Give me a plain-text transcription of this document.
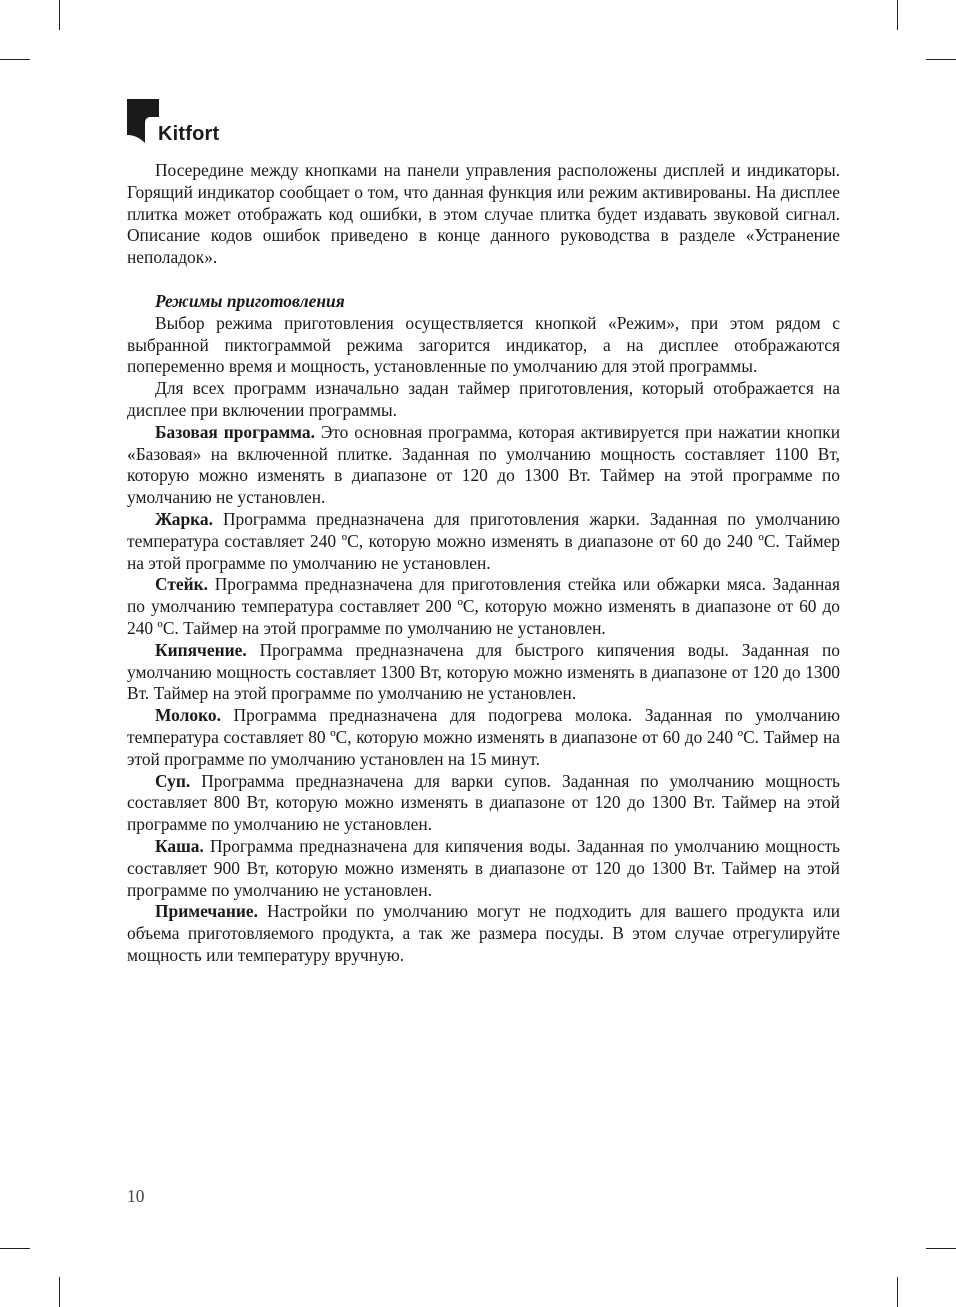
Kitfort

Посередине между кнопками на панели управления расположены дисплей и индикаторы. Горящий индикатор сообщает о том, что данная функция или режим активированы. На дисплее плитка может отображать код ошибки, в этом случае плитка будет издавать звуковой сигнал. Описание кодов ошибок приведено в конце данного руководства в разделе «Устранение неполадок».

Режимы приготовления

Выбор режима приготовления осуществляется кнопкой «Режим», при этом рядом с выбранной пиктограммой режима загорится индикатор, а на дисплее отображаются попеременно время и мощность, установленные по умолчанию для этой программы.

Для всех программ изначально задан таймер приготовления, который отображается на дисплее при включении программы.

Базовая программа. Это основная программа, которая активируется при нажатии кнопки «Базовая» на включенной плитке. Заданная по умолчанию мощность составляет 1100 Вт, которую можно изменять в диапазоне от 120 до 1300 Вт. Таймер на этой программе по умолчанию не установлен.

Жарка. Программа предназначена для приготовления жарки. Заданная по умолчанию температура составляет 240 ºС, которую можно изменять в диапазоне от 60 до 240 ºС. Таймер на этой программе по умолчанию не установлен.

Стейк. Программа предназначена для приготовления стейка или обжарки мяса. Заданная по умолчанию температура составляет 200 ºС, которую можно изменять в диапазоне от 60 до 240 ºС. Таймер на этой программе по умолчанию не установлен.

Кипячение. Программа предназначена для быстрого кипячения воды. Заданная по умолчанию мощность составляет 1300 Вт, которую можно изменять в диапазоне от 120 до 1300 Вт. Таймер на этой программе по умолчанию не установлен.

Молоко. Программа предназначена для подогрева молока. Заданная по умолчанию температура составляет 80 ºС, которую можно изменять в диапазоне от 60 до 240 ºС. Таймер на этой программе по умолчанию установлен на 15 минут.

Суп. Программа предназначена для варки супов. Заданная по умолчанию мощность составляет 800 Вт, которую можно изменять в диапазоне от 120 до 1300 Вт. Таймер на этой программе по умолчанию не установлен.

Каша. Программа предназначена для кипячения воды. Заданная по умолчанию мощность составляет 900 Вт, которую можно изменять в диапазоне от 120 до 1300 Вт. Таймер на этой программе по умолчанию не установлен.

Примечание. Настройки по умолчанию могут не подходить для вашего продукта или объема приготовляемого продукта, а так же размера посуды. В этом случае отрегулируйте мощность или температуру вручную.

10
